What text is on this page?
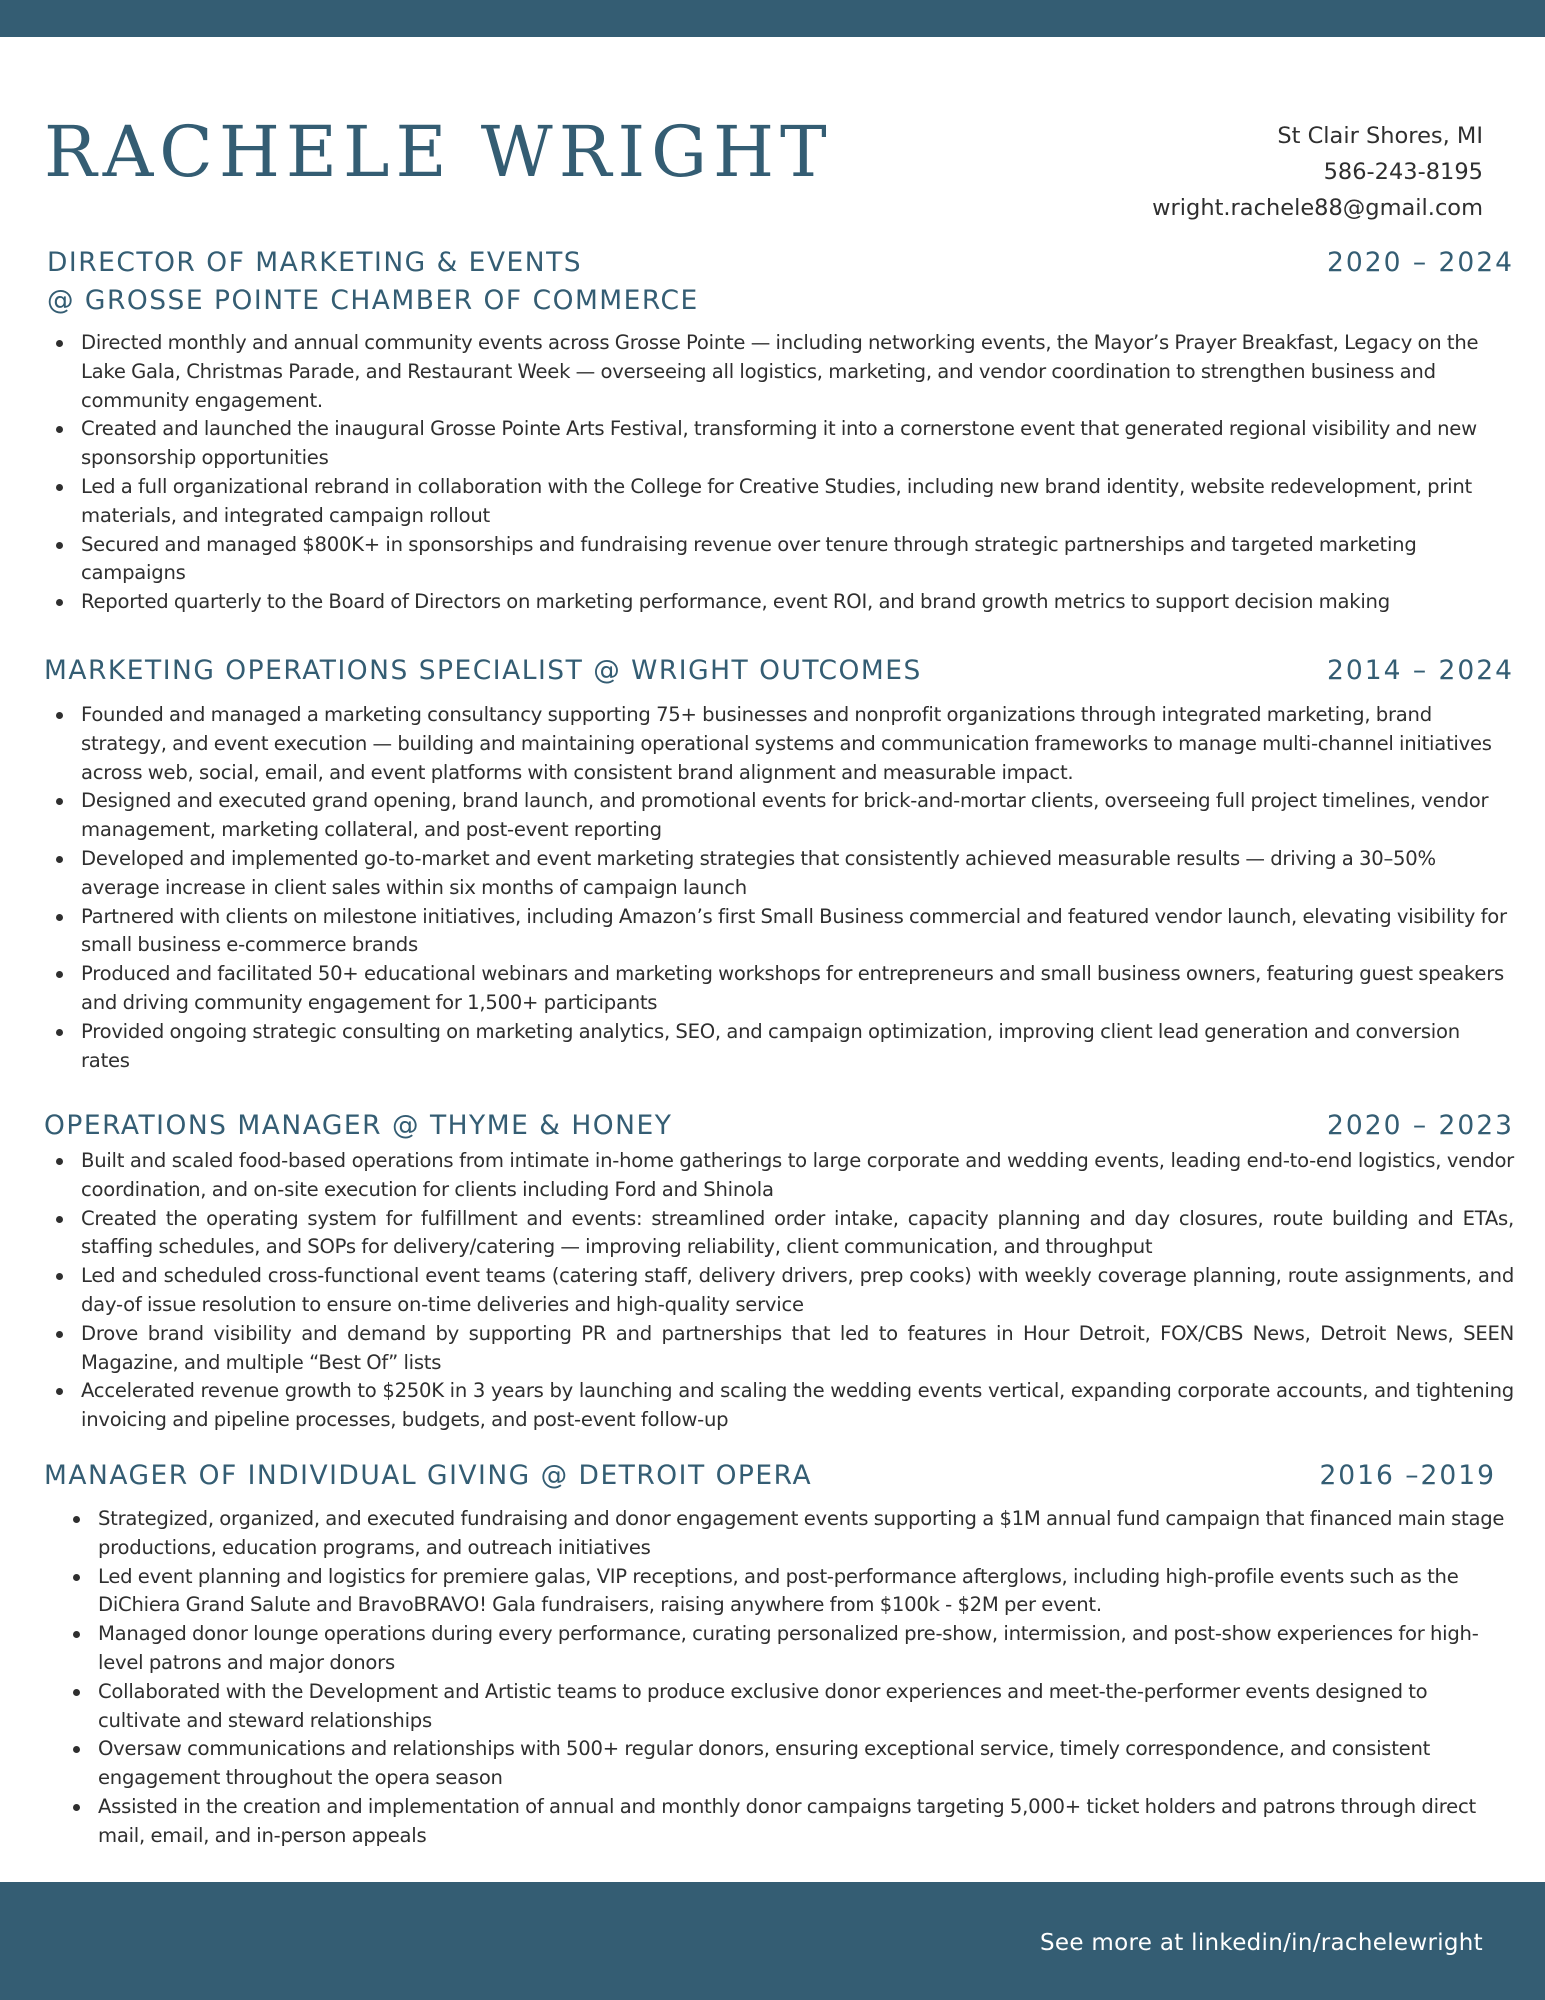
RACHELE WRIGHT	St Clair Shores, MI
586-243-8195
wright.rachele88@gmail.com
DIRECTOR OF MARKETING & EVENTS
@ GROSSE POINTE CHAMBER OF COMMERCE
2020 – 2024
Directed monthly and annual community events across Grosse Pointe — including networking events, the Mayor’s Prayer Breakfast, Legacy on the Lake Gala, Christmas Parade, and Restaurant Week — overseeing all logistics, marketing, and vendor coordination to strengthen business and community engagement.
Created and launched the inaugural Grosse Pointe Arts Festival, transforming it into a cornerstone event that generated regional visibility and new sponsorship opportunities
Led a full organizational rebrand in collaboration with the College for Creative Studies, including new brand identity, website redevelopment, print materials, and integrated campaign rollout
Secured and managed $800K+ in sponsorships and fundraising revenue over tenure through strategic partnerships and targeted marketing campaigns
Reported quarterly to the Board of Directors on marketing performance, event ROI, and brand growth metrics to support decision making
MARKETING OPERATIONS SPECIALIST @ WRIGHT OUTCOMES	2014 – 2024
Founded and managed a marketing consultancy supporting 75+ businesses and nonprofit organizations through integrated marketing, brand strategy, and event execution — building and maintaining operational systems and communication frameworks to manage multi-channel initiatives across web, social, email, and event platforms with consistent brand alignment and measurable impact.
Designed and executed grand opening, brand launch, and promotional events for brick-and-mortar clients, overseeing full project timelines, vendor management, marketing collateral, and post-event reporting
Developed and implemented go-to-market and event marketing strategies that consistently achieved measurable results — driving a 30–50% average increase in client sales within six months of campaign launch
Partnered with clients on milestone initiatives, including Amazon’s first Small Business commercial and featured vendor launch, elevating visibility for small business e-commerce brands
Produced and facilitated 50+ educational webinars and marketing workshops for entrepreneurs and small business owners, featuring guest speakers and driving community engagement for 1,500+ participants
Provided ongoing strategic consulting on marketing analytics, SEO, and campaign optimization, improving client lead generation and conversion rates
OPERATIONS MANAGER @ THYME & HONEY	2020 – 2023
Built and scaled food-based operations from intimate in-home gatherings to large corporate and wedding events, leading end-to-end logistics, vendor coordination, and on-site execution for clients including Ford and Shinola
Created the operating system for fulfillment and events: streamlined order intake, capacity planning and day closures, route building and ETAs, staffing schedules, and SOPs for delivery/catering — improving reliability, client communication, and throughput
Led and scheduled cross-functional event teams (catering staff, delivery drivers, prep cooks) with weekly coverage planning, route assignments, and day-of issue resolution to ensure on-time deliveries and high-quality service
Drove brand visibility and demand by supporting PR and partnerships that led to features in Hour Detroit, FOX/CBS News, Detroit News, SEEN Magazine, and multiple “Best Of” lists
Accelerated revenue growth to $250K in 3 years by launching and scaling the wedding events vertical, expanding corporate accounts, and tightening invoicing and pipeline processes, budgets, and post-event follow-up
MANAGER OF INDIVIDUAL GIVING @ DETROIT OPERA	2016 –2019
Strategized, organized, and executed fundraising and donor engagement events supporting a $1M annual fund campaign that financed main stage productions, education programs, and outreach initiatives
Led event planning and logistics for premiere galas, VIP receptions, and post-performance afterglows, including high-profile events such as the DiChiera Grand Salute and BravoBRAVO! Gala fundraisers, raising anywhere from $100k - $2M per event.
Managed donor lounge operations during every performance, curating personalized pre-show, intermission, and post-show experiences for high-level patrons and major donors
Collaborated with the Development and Artistic teams to produce exclusive donor experiences and meet-the-performer events designed to cultivate and steward relationships
Oversaw communications and relationships with 500+ regular donors, ensuring exceptional service, timely correspondence, and consistent engagement throughout the opera season
Assisted in the creation and implementation of annual and monthly donor campaigns targeting 5,000+ ticket holders and patrons through direct mail, email, and in-person appeals
See more at linkedin/in/rachelewright
